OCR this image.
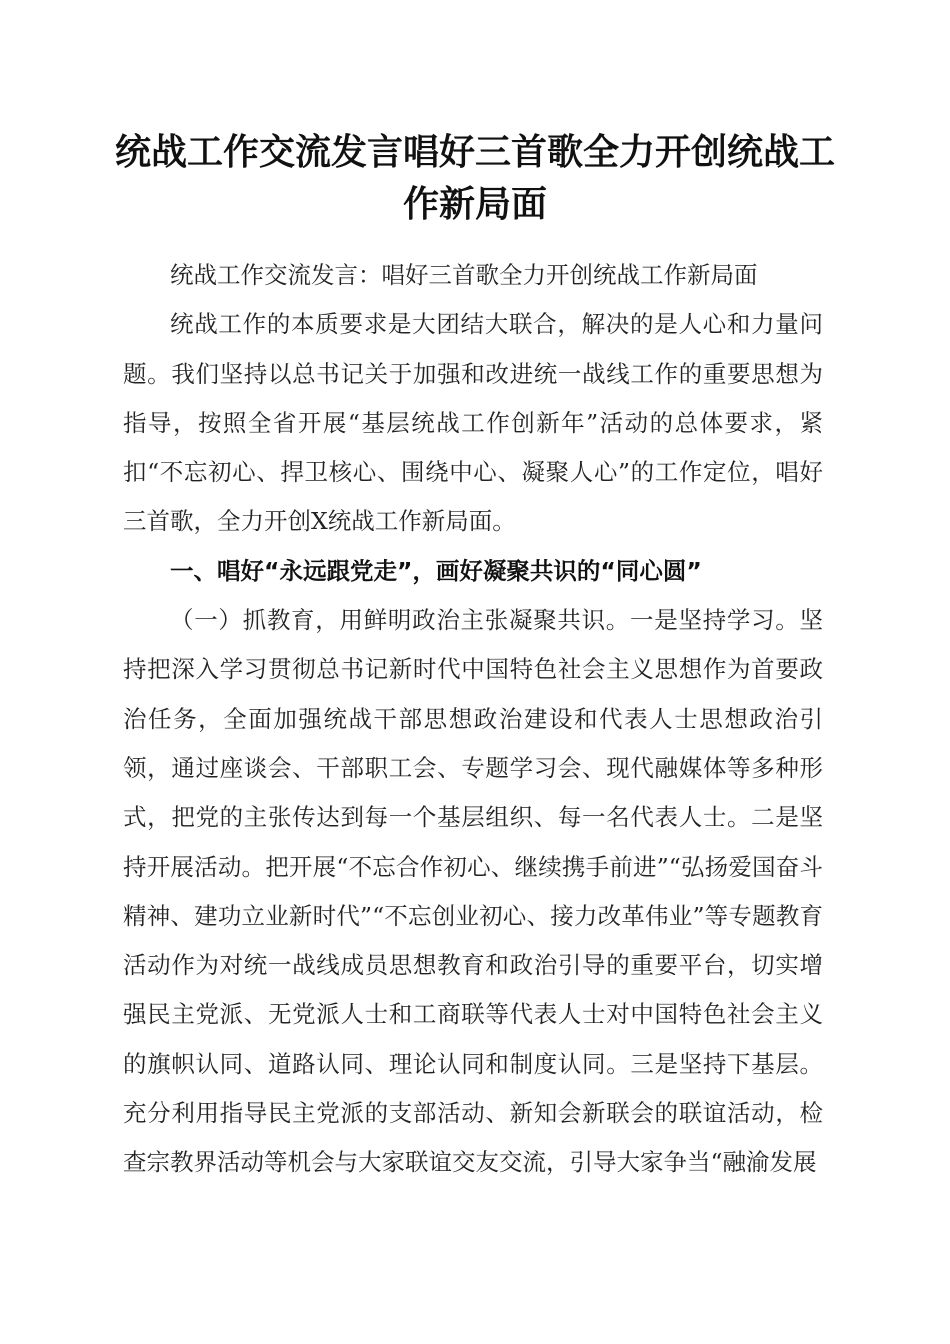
统战工作交流发言唱好三首歌全力开创统战工作新局面

统战工作交流发言：唱好三首歌全力开创统战工作新局面

统战工作的本质要求是大团结大联合，解决的是人心和力量问题。我们坚持以总书记关于加强和改进统一战线工作的重要思想为指导，按照全省开展“基层统战工作创新年”活动的总体要求，紧扣“不忘初心、捍卫核心、围绕中心、凝聚人心”的工作定位，唱好三首歌，全力开创X统战工作新局面。

一、唱好“永远跟党走”，画好凝聚共识的“同心圆”

（一）抓教育，用鲜明政治主张凝聚共识。一是坚持学习。坚持把深入学习贯彻总书记新时代中国特色社会主义思想作为首要政治任务，全面加强统战干部思想政治建设和代表人士思想政治引领，通过座谈会、干部职工会、专题学习会、现代融媒体等多种形式，把党的主张传达到每一个基层组织、每一名代表人士。二是坚持开展活动。把开展“不忘合作初心、继续携手前进”“弘扬爱国奋斗精神、建功立业新时代”“不忘创业初心、接力改革伟业”等专题教育活动作为对统一战线成员思想教育和政治引导的重要平台，切实增强民主党派、无党派人士和工商联等代表人士对中国特色社会主义的旗帜认同、道路认同、理论认同和制度认同。三是坚持下基层。充分利用指导民主党派的支部活动、新知会新联会的联谊活动，检查宗教界活动等机会与大家联谊交友交流，引导大家争当“融渝发展
